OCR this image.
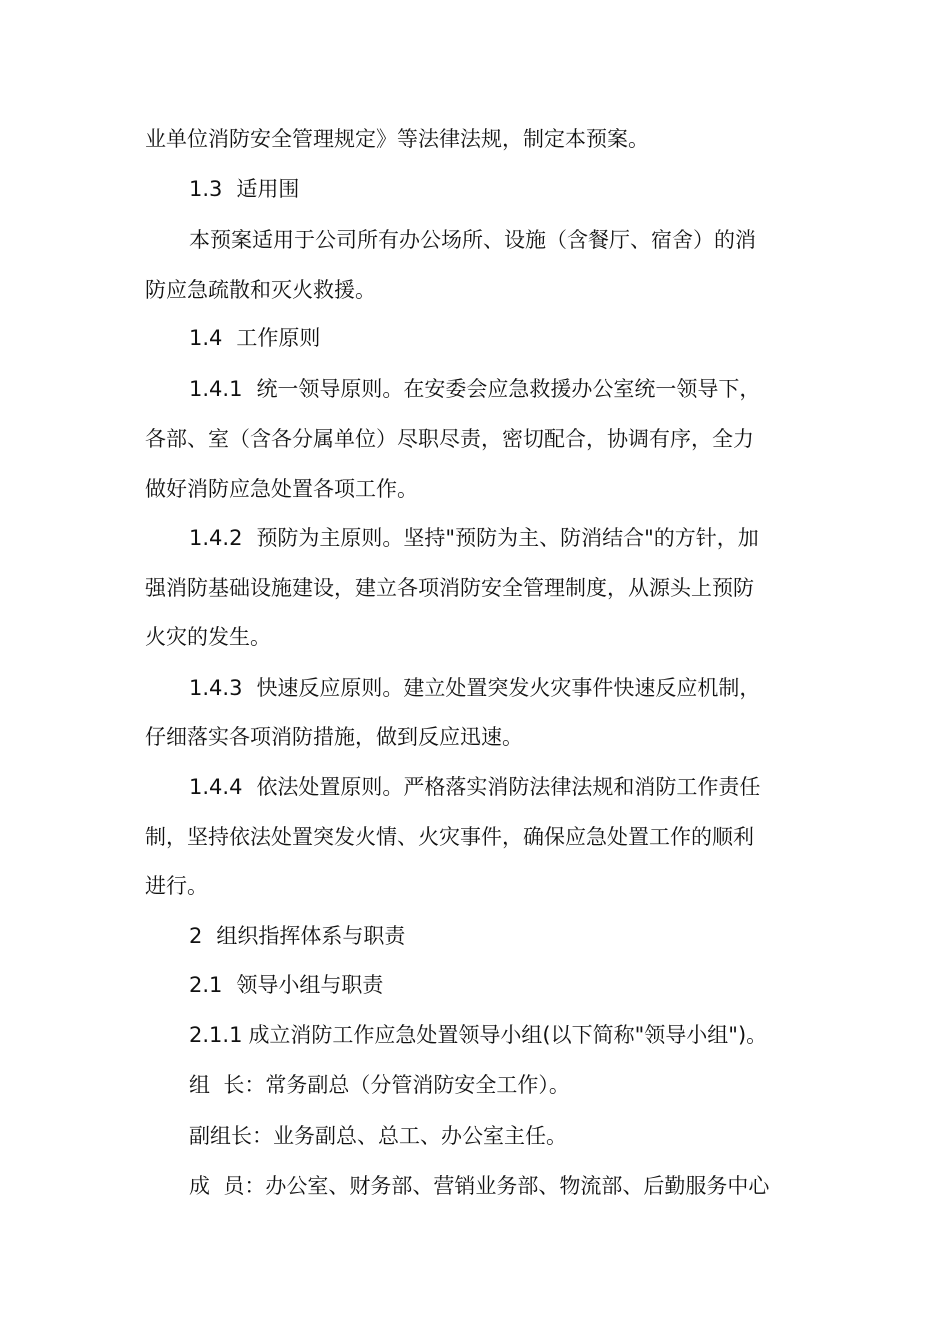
业单位消防安全管理规定》等法律法规，制定本预案。
1.3 适用围
本预案适用于公司所有办公场所、设施（含餐厅、宿舍）的消
防应急疏散和灭火救援。
1.4 工作原则
1.4.1 统一领导原则。在安委会应急救援办公室统一领导下，
各部、室（含各分属单位）尽职尽责，密切配合，协调有序，全力
做好消防应急处置各项工作。
1.4.2 预防为主原则。坚持"预防为主、防消结合"的方针，加
强消防基础设施建设，建立各项消防安全管理制度，从源头上预防
火灾的发生。
1.4.3 快速反应原则。建立处置突发火灾事件快速反应机制，
仔细落实各项消防措施，做到反应迅速。
1.4.4 依法处置原则。严格落实消防法律法规和消防工作责任
制，坚持依法处置突发火情、火灾事件，确保应急处置工作的顺利
进行。
2 组织指挥体系与职责
2.1 领导小组与职责
2.1.1 成立消防工作应急处置领导小组(以下简称"领导小组")。
组  长：常务副总（分管消防安全工作）。
副组长：业务副总、总工、办公室主任。
成  员：办公室、财务部、营销业务部、物流部、后勤服务中心
